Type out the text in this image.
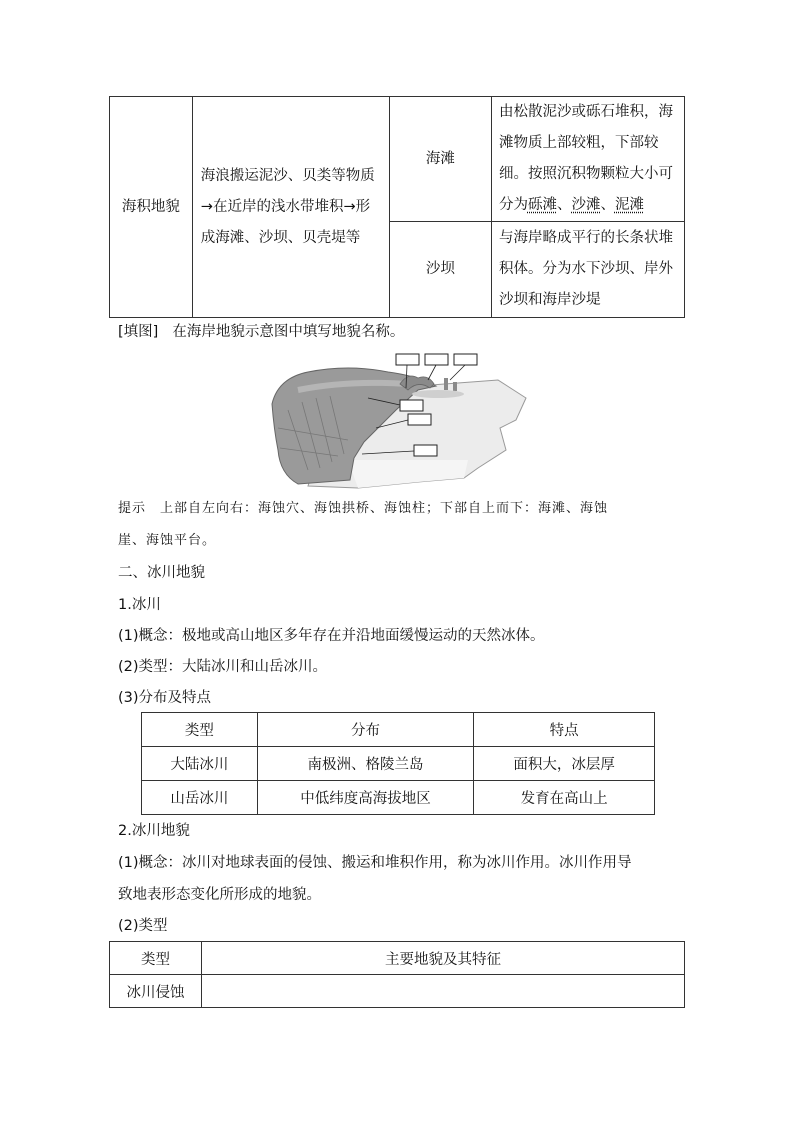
海积地貌	海浪搬运泥沙、贝类等物质→在近岸的浅水带堆积→形成海滩、沙坝、贝壳堤等	海滩	由松散泥沙或砾石堆积，海滩物质上部较粗，下部较细。按照沉积物颗粒大小可分为砾滩、沙滩、泥滩
		沙坝	与海岸略成平行的长条状堆积体。分为水下沙坝、岸外沙坝和海岸沙堤
[填图] 在海岸地貌示意图中填写地貌名称。
提示 上部自左向右：海蚀穴、海蚀拱桥、海蚀柱；下部自上而下：海滩、海蚀
崖、海蚀平台。
二、冰川地貌
1.冰川
(1)概念：极地或高山地区多年存在并沿地面缓慢运动的天然冰体。
(2)类型：大陆冰川和山岳冰川。
(3)分布及特点
类型	分布	特点
大陆冰川	南极洲、格陵兰岛	面积大，冰层厚
山岳冰川	中低纬度高海拔地区	发育在高山上
2.冰川地貌
(1)概念：冰川对地球表面的侵蚀、搬运和堆积作用，称为冰川作用。冰川作用导
致地表形态变化所形成的地貌。
(2)类型
类型	主要地貌及其特征
冰川侵蚀	
